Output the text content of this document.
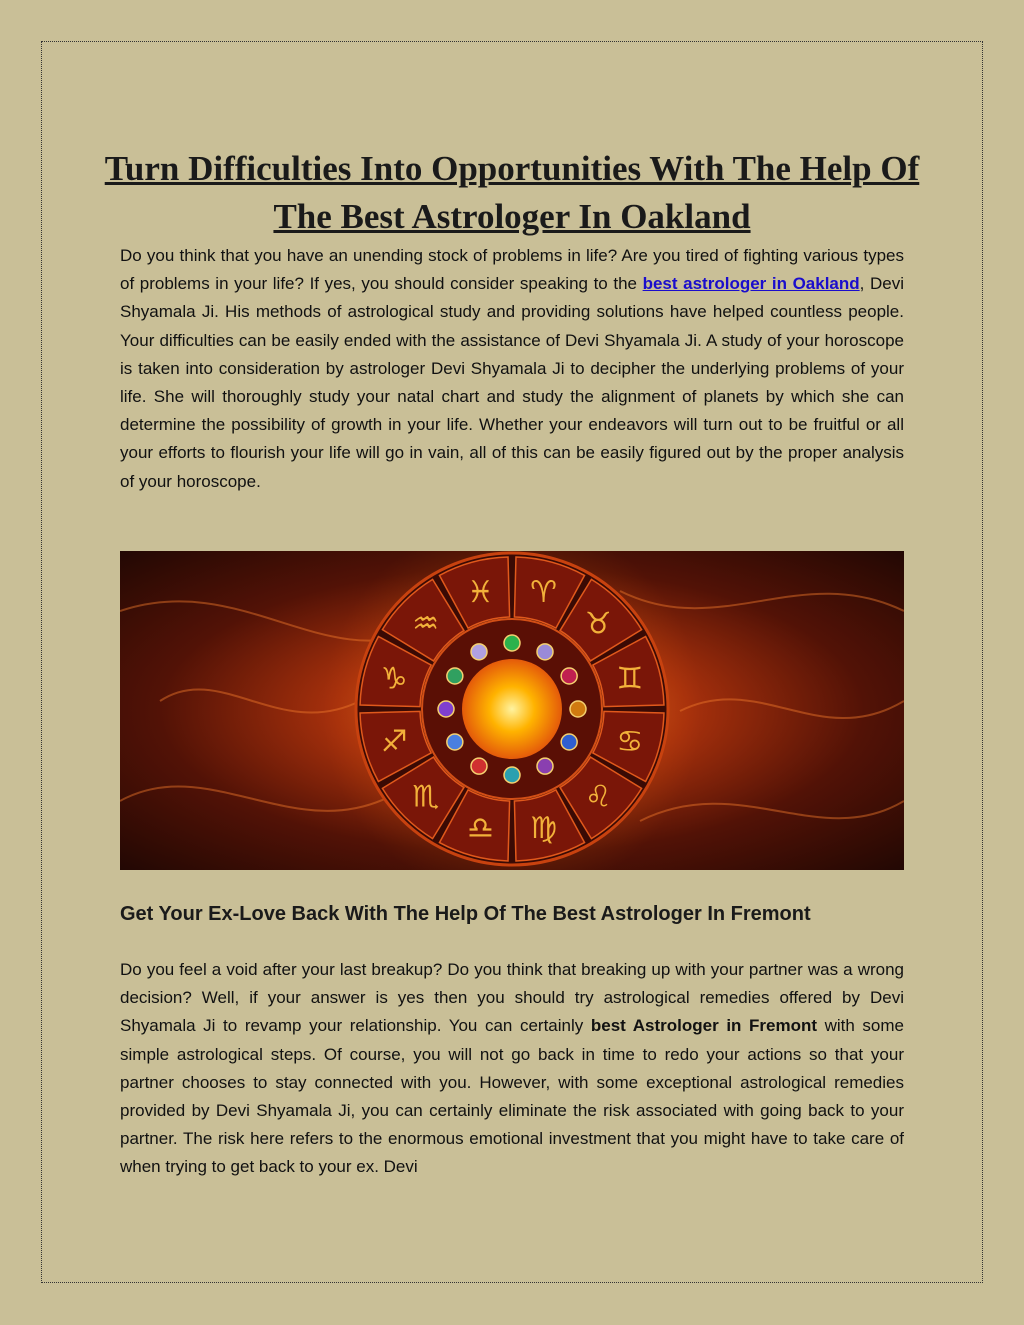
Turn Difficulties Into Opportunities With The Help Of The Best Astrologer In Oakland

Do you think that you have an unending stock of problems in life? Are you tired of fighting various types of problems in your life? If yes, you should consider speaking to the best astrologer in Oakland, Devi Shyamala Ji. His methods of astrological study and providing solutions have helped countless people. Your difficulties can be easily ended with the assistance of Devi Shyamala Ji. A study of your horoscope is taken into consideration by astrologer Devi Shyamala Ji to decipher the underlying problems of your life. She will thoroughly study your natal chart and study the alignment of planets by which she can determine the possibility of growth in your life. Whether your endeavors will turn out to be fruitful or all your efforts to flourish your life will go in vain, all of this can be easily figured out by the proper analysis of your horoscope.

♈
♉
♊
♋
♌
♍
♎
♏
♐
♑
♒
♓
Get Your Ex-Love Back With The Help Of The Best Astrologer In Fremont

Do you feel a void after your last breakup? Do you think that breaking up with your partner was a wrong decision? Well, if your answer is yes then you should try astrological remedies offered by Devi Shyamala Ji to revamp your relationship. You can certainly best Astrologer in Fremont with some simple astrological steps. Of course, you will not go back in time to redo your actions so that your partner chooses to stay connected with you. However, with some exceptional astrological remedies provided by Devi Shyamala Ji, you can certainly eliminate the risk associated with going back to your partner. The risk here refers to the enormous emotional investment that you might have to take care of when trying to get back to your ex. Devi
